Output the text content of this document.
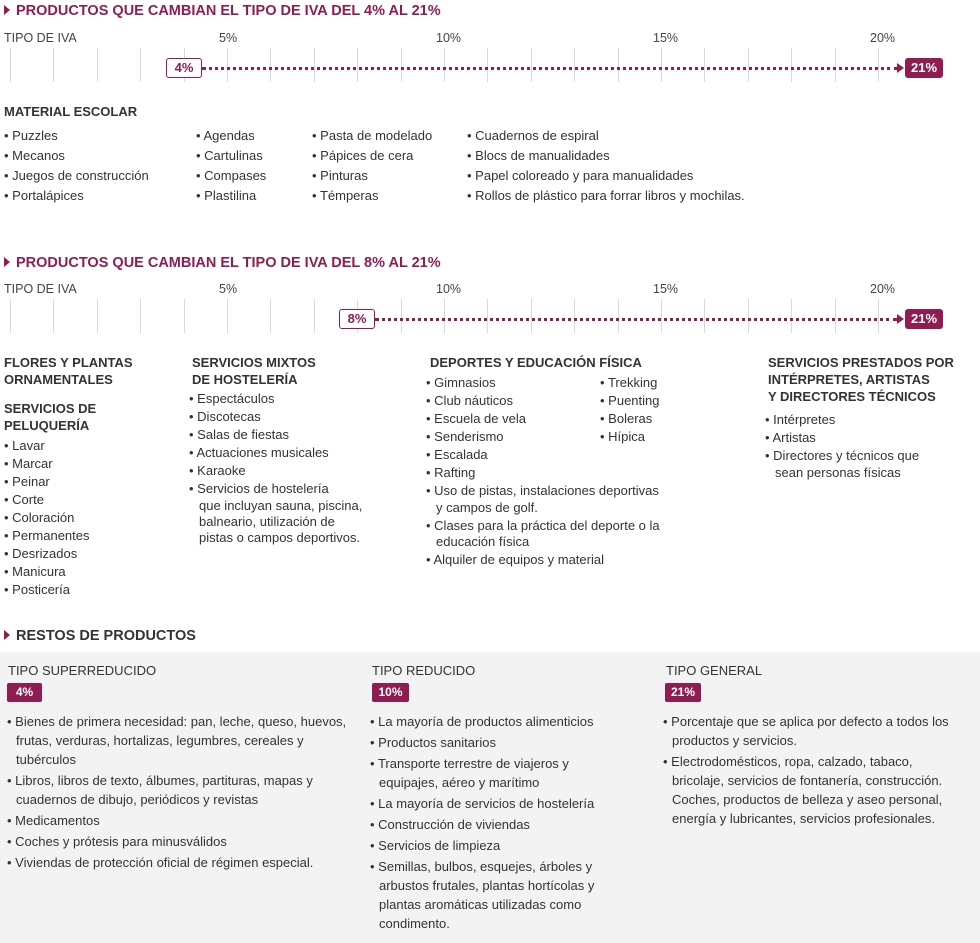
PRODUCTOS QUE CAMBIAN EL TIPO DE IVA DEL 4% AL 21%
TIPO DE IVA	5%	10%	15%	20%
4%	21%
MATERIAL ESCOLAR
• Puzzles
• Mecanos
• Juegos de construcción
• Portalápices
• Agendas
• Cartulinas
• Compases
• Plastilina
• Pasta de modelado
• Pápices de cera
• Pinturas
• Témperas
• Cuadernos de espiral
• Blocs de manualidades
• Papel coloreado y para manualidades
• Rollos de plástico para forrar libros y mochilas.
PRODUCTOS QUE CAMBIAN EL TIPO DE IVA DEL 8% AL 21%
TIPO DE IVA	5%	10%	15%	20%
8%	21%
FLORES Y PLANTAS
ORNAMENTALES
SERVICIOS DE
PELUQUERÍA
• Lavar
• Marcar
• Peinar
• Corte
• Coloración
• Permanentes
• Desrizados
• Manicura
• Posticería
SERVICIOS MIXTOS
DE HOSTELERÍA
• Espectáculos
• Discotecas
• Salas de fiestas
• Actuaciones musicales
• Karaoke
• Servicios de hostelería
que incluyan sauna, piscina,
balneario, utilización de
pistas o campos deportivos.
DEPORTES Y EDUCACIÓN FÍSICA
• Gimnasios
• Club náuticos
• Escuela de vela
• Senderismo
• Escalada
• Rafting
• Uso de pistas, instalaciones deportivas
y campos de golf.
• Clases para la práctica del deporte o la
educación física
• Alquiler de equipos y material
• Trekking
• Puenting
• Boleras
• Hípica
SERVICIOS PRESTADOS POR
INTÉRPRETES, ARTISTAS
Y DIRECTORES TÉCNICOS
• Intérpretes
• Artistas
• Directores y técnicos que
sean personas físicas
RESTOS DE PRODUCTOS
TIPO SUPERREDUCIDO
4%
• Bienes de primera necesidad: pan, leche, queso, huevos, frutas, verduras, hortalizas, legumbres, cereales y tubérculos
• Libros, libros de texto, álbumes, partituras, mapas y cuadernos de dibujo, periódicos y revistas
• Medicamentos
• Coches y prótesis para minusválidos
• Viviendas de protección oficial de régimen especial.
TIPO REDUCIDO
10%
• La mayoría de productos alimenticios
• Productos sanitarios
• Transporte terrestre de viajeros y equipajes, aéreo y marítimo
• La mayoría de servicios de hostelería
• Construcción de viviendas
• Servicios de limpieza
• Semillas, bulbos, esquejes, árboles y arbustos frutales, plantas hortícolas y plantas aromáticas utilizadas como condimento.
TIPO GENERAL
21%
• Porcentaje que se aplica por defecto a todos los productos y servicios.
• Electrodomésticos, ropa, calzado, tabaco, bricolaje, servicios de fontanería, construcción. Coches, productos de belleza y aseo personal, energía y lubricantes, servicios profesionales.
